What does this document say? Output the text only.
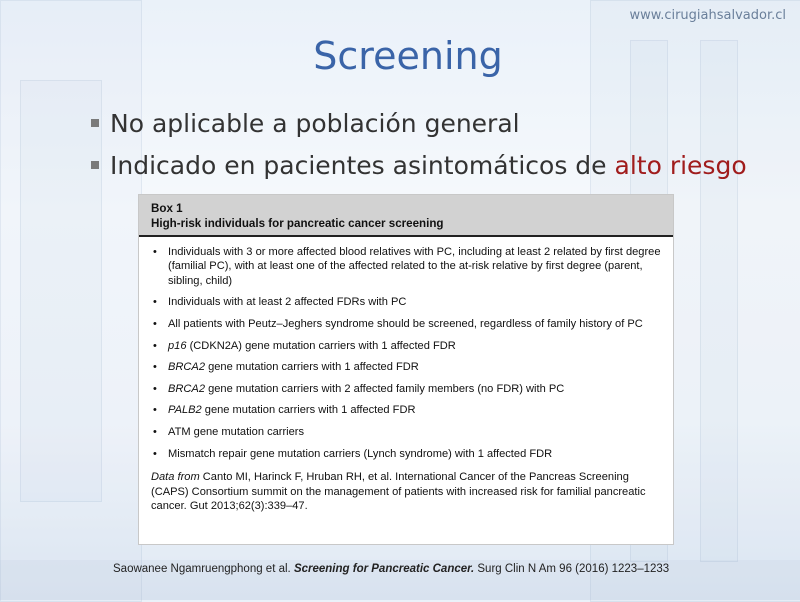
www.cirugiahsalvador.cl
Screening
No aplicable a población general
Indicado en pacientes asintomáticos de alto riesgo
Box 1
High-risk individuals for pancreatic cancer screening
• Individuals with 3 or more affected blood relatives with PC, including at least 2 related by first degree (familial PC), with at least one of the affected related to the at-risk relative by first degree (parent, sibling, child)
• Individuals with at least 2 affected FDRs with PC
• All patients with Peutz–Jeghers syndrome should be screened, regardless of family history of PC
• p16 (CDKN2A) gene mutation carriers with 1 affected FDR
• BRCA2 gene mutation carriers with 1 affected FDR
• BRCA2 gene mutation carriers with 2 affected family members (no FDR) with PC
• PALB2 gene mutation carriers with 1 affected FDR
• ATM gene mutation carriers
• Mismatch repair gene mutation carriers (Lynch syndrome) with 1 affected FDR
Data from Canto MI, Harinck F, Hruban RH, et al. International Cancer of the Pancreas Screening (CAPS) Consortium summit on the management of patients with increased risk for familial pancreatic cancer. Gut 2013;62(3):339–47.
Saowanee Ngamruengphong et al. Screening for Pancreatic Cancer. Surg Clin N Am 96 (2016) 1223–1233
